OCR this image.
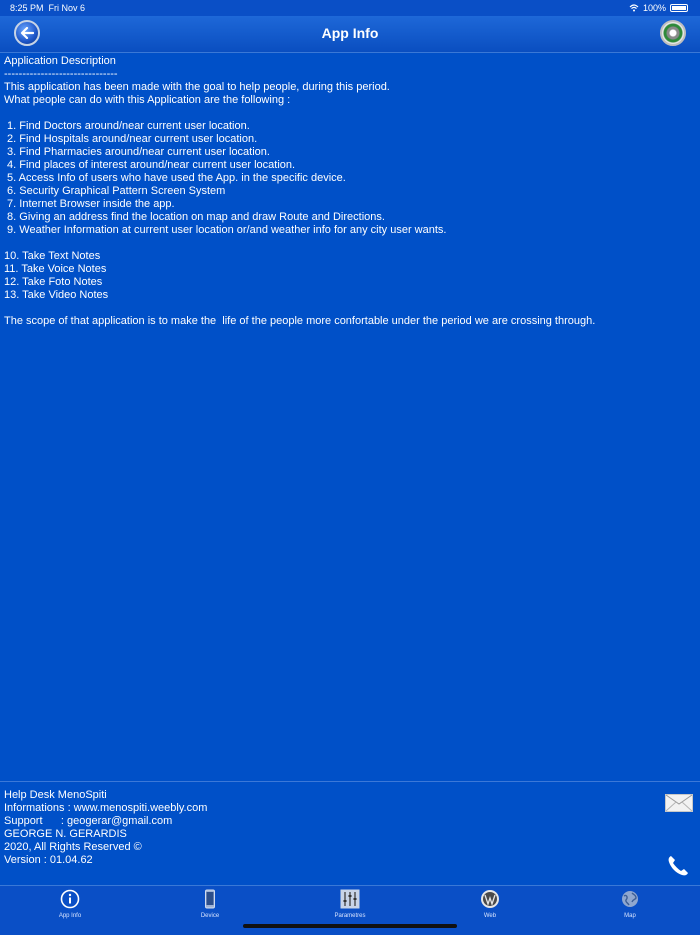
8:25 PM Fri Nov 6	100%
App Info
Application Description
-------------------------------
This application has been made with the goal to help people, during this period.
What people can do with this Application are the following :
1. Find Doctors around/near current user location.
2. Find Hospitals around/near current user location.
3. Find Pharmacies around/near current user location.
4. Find places of interest around/near current user location.
5. Access Info of users who have used the App. in the specific device.
6. Security Graphical Pattern Screen System
7. Internet Browser inside the app.
8. Giving an address find the location on map and draw Route and Directions.
9. Weather Information at current user location or/and weather info for any city user wants.
10. Take Text Notes
11. Take Voice Notes
12. Take Foto Notes
13. Take Video Notes
The scope of that application is to make the  life of the people more confortable under the period we are crossing through.
Help Desk MenoSpiti
Informations : www.menospiti.weebly.com
Support      : geogerar@gmail.com
GEORGE N. GERARDIS
2020, All Rights Reserved ©
Version : 01.04.62
App Info	Device	Parametres	Web	Map
